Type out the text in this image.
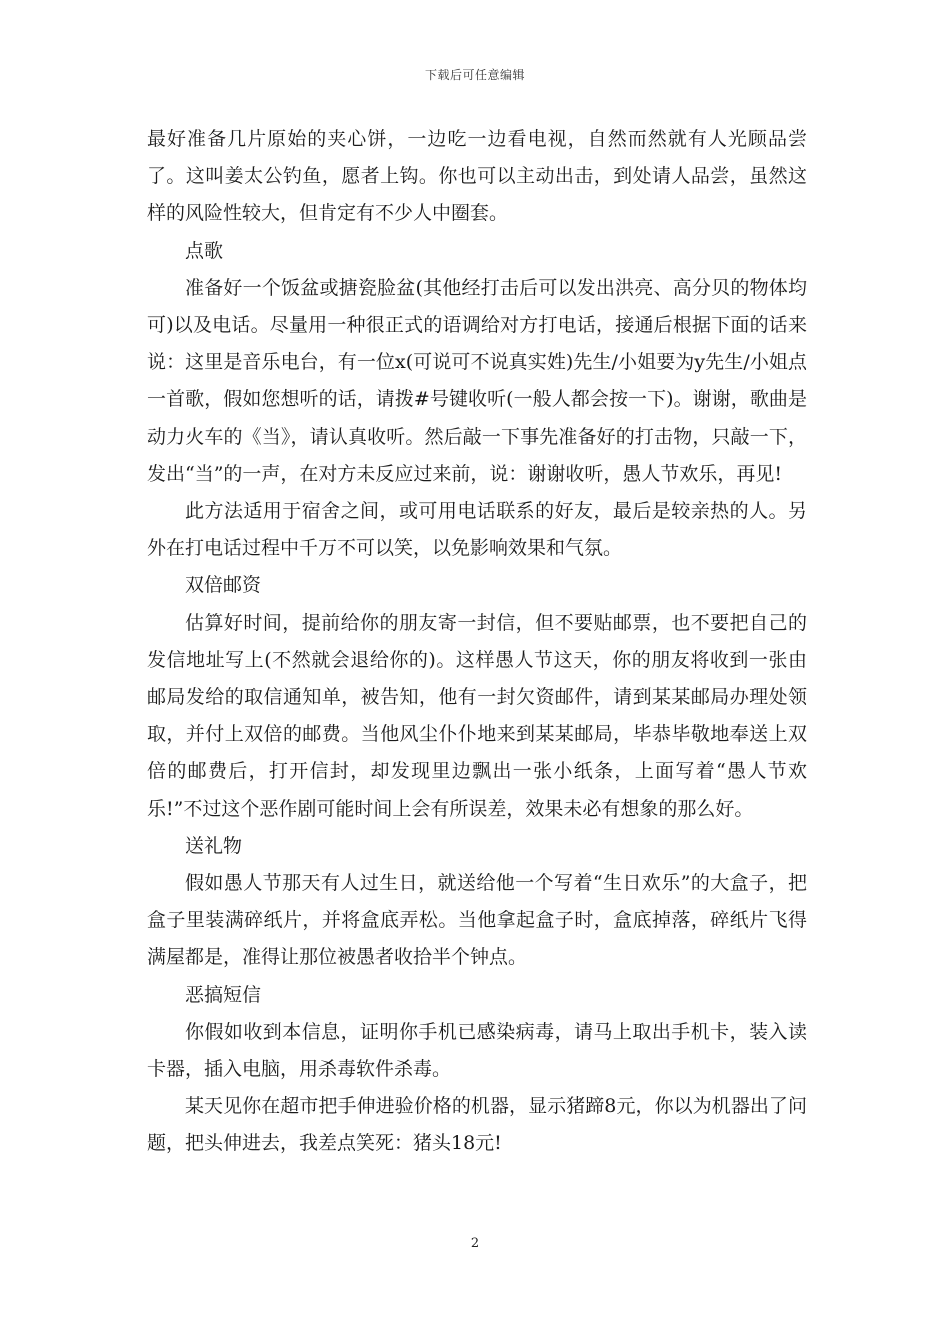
下载后可任意编辑

最好准备几片原始的夹心饼，一边吃一边看电视，自然而然就有人光顾品尝了。这叫姜太公钓鱼，愿者上钩。你也可以主动出击，到处请人品尝，虽然这样的风险性较大，但肯定有不少人中圈套。

点歌

准备好一个饭盆或搪瓷脸盆(其他经打击后可以发出洪亮、高分贝的物体均可)以及电话。尽量用一种很正式的语调给对方打电话，接通后根据下面的话来说：这里是音乐电台，有一位x(可说可不说真实姓)先生/小姐要为y先生/小姐点一首歌，假如您想听的话，请拨#号键收听(一般人都会按一下)。谢谢，歌曲是动力火车的《当》，请认真收听。然后敲一下事先准备好的打击物，只敲一下，发出“当”的一声，在对方未反应过来前，说：谢谢收听，愚人节欢乐，再见!

此方法适用于宿舍之间，或可用电话联系的好友，最后是较亲热的人。另外在打电话过程中千万不可以笑，以免影响效果和气氛。

双倍邮资

估算好时间，提前给你的朋友寄一封信，但不要贴邮票，也不要把自己的发信地址写上(不然就会退给你的)。这样愚人节这天，你的朋友将收到一张由邮局发给的取信通知单，被告知，他有一封欠资邮件，请到某某邮局办理处领取，并付上双倍的邮费。当他风尘仆仆地来到某某邮局，毕恭毕敬地奉送上双倍的邮费后，打开信封，却发现里边飘出一张小纸条，上面写着“愚人节欢乐!”不过这个恶作剧可能时间上会有所误差，效果未必有想象的那么好。

送礼物

假如愚人节那天有人过生日，就送给他一个写着“生日欢乐”的大盒子，把盒子里装满碎纸片，并将盒底弄松。当他拿起盒子时，盒底掉落，碎纸片飞得满屋都是，准得让那位被愚者收拾半个钟点。

恶搞短信

你假如收到本信息，证明你手机已感染病毒，请马上取出手机卡，装入读卡器，插入电脑，用杀毒软件杀毒。

某天见你在超市把手伸进验价格的机器，显示猪蹄8元，你以为机器出了问题，把头伸进去，我差点笑死：猪头18元!

2
